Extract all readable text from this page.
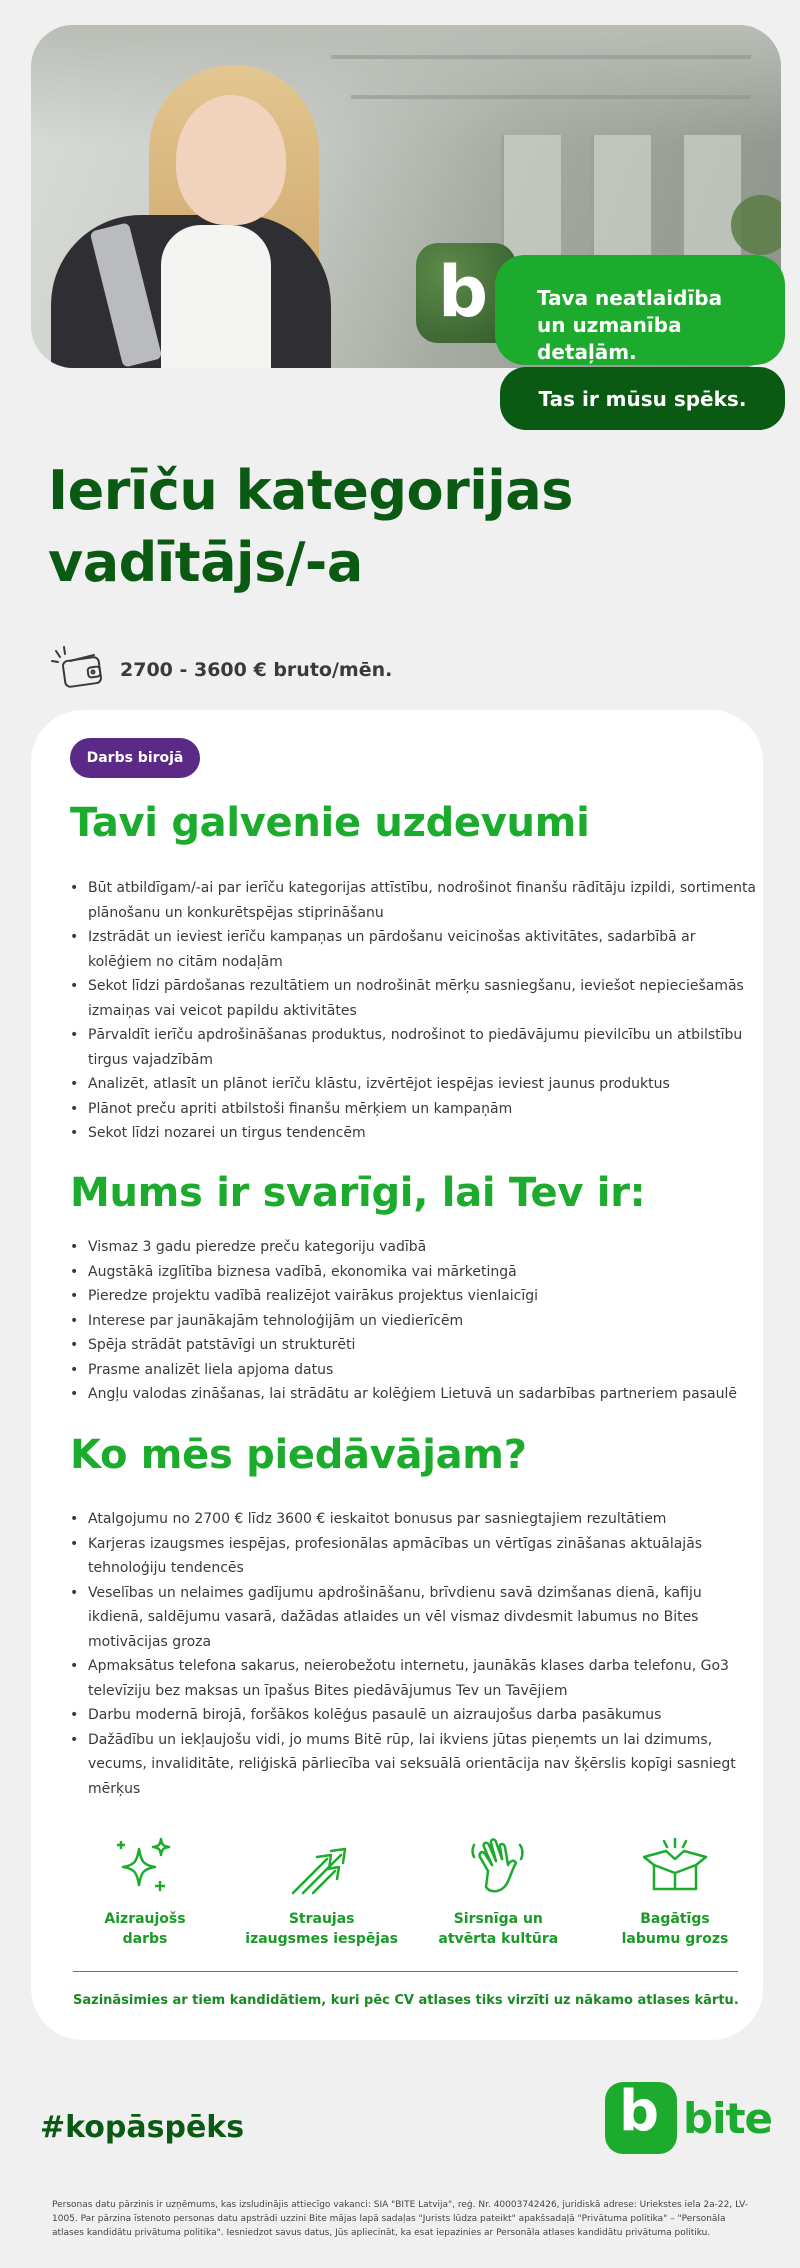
b	Tava neatlaidība un uzmanība detaļām.
Tas ir mūsu spēks.
Ierīču kategorijas vadītājs/-a
2700 - 3600 € bruto/mēn.
Darbs birojā
Tavi galvenie uzdevumi
• Būt atbildīgam/-ai par ierīču kategorijas attīstību, nodrošinot finanšu rādītāju izpildi, sortimenta plānošanu un konkurētspējas stiprināšanu
• Izstrādāt un ieviest ierīču kampaņas un pārdošanu veicinošas aktivitātes, sadarbībā ar kolēģiem no citām nodaļām
• Sekot līdzi pārdošanas rezultātiem un nodrošināt mērķu sasniegšanu, ieviešot nepieciešamās izmaiņas vai veicot papildu aktivitātes
• Pārvaldīt ierīču apdrošināšanas produktus, nodrošinot to piedāvājumu pievilcību un atbilstību tirgus vajadzībām
• Analizēt, atlasīt un plānot ierīču klāstu, izvērtējot iespējas ieviest jaunus produktus
• Plānot preču apriti atbilstoši finanšu mērķiem un kampaņām
• Sekot līdzi nozarei un tirgus tendencēm
Mums ir svarīgi, lai Tev ir:
• Vismaz 3 gadu pieredze preču kategoriju vadībā
• Augstākā izglītība biznesa vadībā, ekonomika vai mārketingā
• Pieredze projektu vadībā realizējot vairākus projektus vienlaicīgi
• Interese par jaunākajām tehnoloģijām un viedierīcēm
• Spēja strādāt patstāvīgi un strukturēti
• Prasme analizēt liela apjoma datus
• Angļu valodas zināšanas, lai strādātu ar kolēģiem Lietuvā un sadarbības partneriem pasaulē
Ko mēs piedāvājam?
• Atalgojumu no 2700 € līdz 3600 € ieskaitot bonusus par sasniegtajiem rezultātiem
• Karjeras izaugsmes iespējas, profesionālas apmācības un vērtīgas zināšanas aktuālajās tehnoloģiju tendencēs
• Veselības un nelaimes gadījumu apdrošināšanu, brīvdienu savā dzimšanas dienā, kafiju ikdienā, saldējumu vasarā, dažādas atlaides un vēl vismaz divdesmit labumus no Bites motivācijas groza
• Apmaksātus telefona sakarus, neierobežotu internetu, jaunākās klases darba telefonu, Go3 televīziju bez maksas un īpašus Bites piedāvājumus Tev un Tavējiem
• Darbu modernā birojā, foršākos kolēģus pasaulē un aizraujošus darba pasākumus
• Dažādību un iekļaujošu vidi, jo mums Bitē rūp, lai ikviens jūtas pieņemts un lai dzimums, vecums, invaliditāte, reliģiskā pārliecība vai seksuālā orientācija nav šķērslis kopīgi sasniegt mērķus
Aizraujošs
darbs
Straujas
izaugsmes iespējas
Sirsnīga un
atvērta kultūra
Bagātīgs
labumu grozs
Sazināsimies ar tiem kandidātiem, kuri pēc CV atlases tiks virzīti uz nākamo atlases kārtu.
#kopāspēks	b bite
Personas datu pārzinis ir uzņēmums, kas izsludinājis attiecīgo vakanci: SIA "BITE Latvija", reģ. Nr. 40003742426, juridiskā adrese: Uriekstes iela 2a-22, LV-1005. Par pārzina īstenoto personas datu apstrādi uzzini Bite mājas lapā sadaļas "Jurists lūdza pateikt" apakšsadaļā "Privātuma politika" – "Personāla atlases kandidātu privātuma politika". Iesniedzot savus datus, Jūs apliecināt, ka esat iepazinies ar Personāla atlases kandidātu privātuma politiku.
